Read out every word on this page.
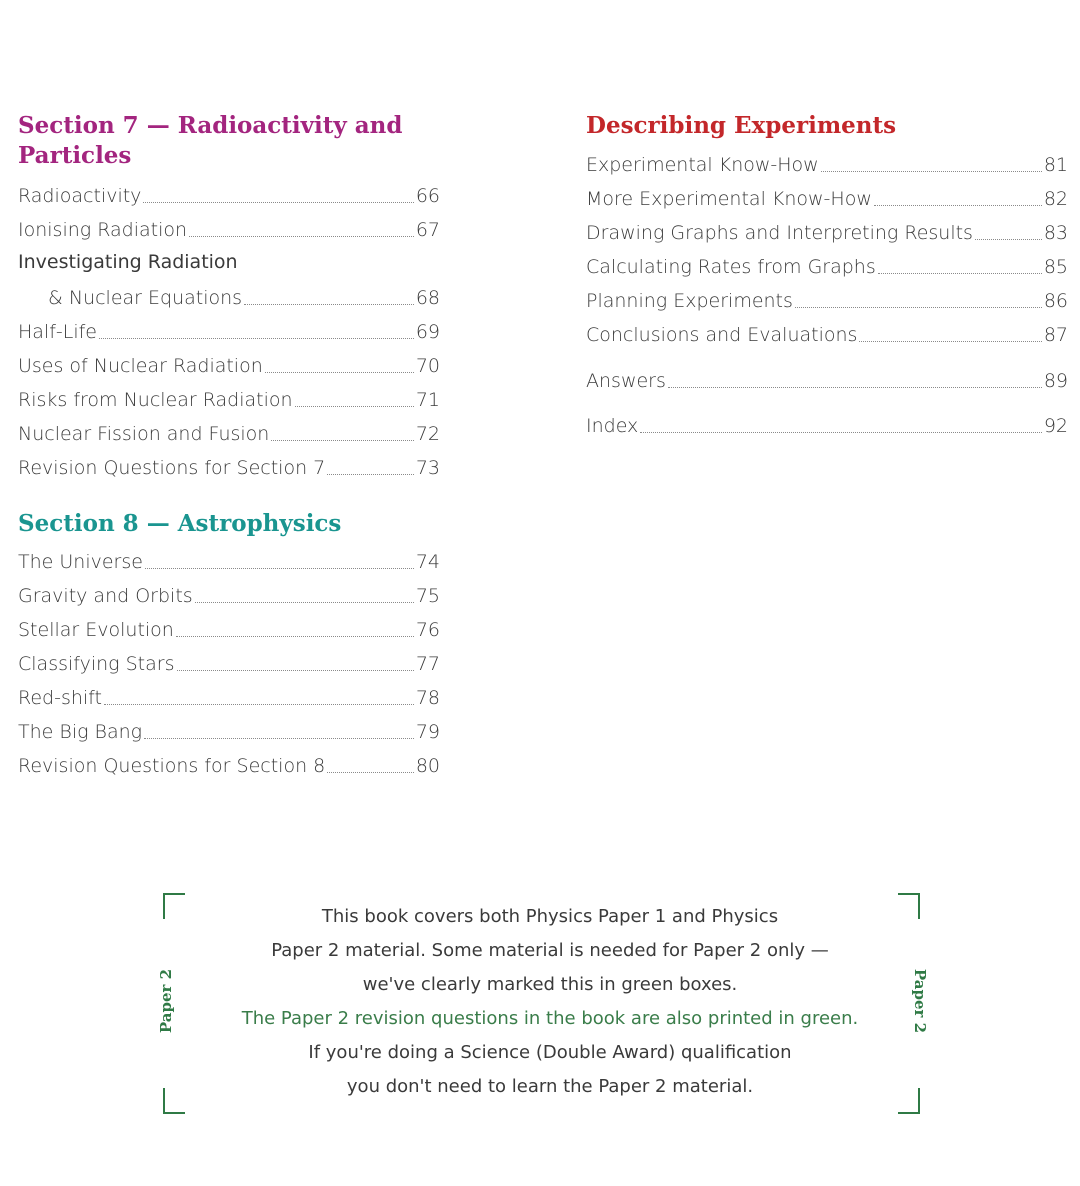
Section 7 — Radioactivity and
Particles
Radioactivity	66
Ionising Radiation	67
Investigating Radiation
& Nuclear Equations	68
Half-Life	69
Uses of Nuclear Radiation	70
Risks from Nuclear Radiation	71
Nuclear Fission and Fusion	72
Revision Questions for Section 7	73
Section 8 — Astrophysics
The Universe	74
Gravity and Orbits	75
Stellar Evolution	76
Classifying Stars	77
Red-shift	78
The Big Bang	79
Revision Questions for Section 8	80
Describing Experiments
Experimental Know-How	81
More Experimental Know-How	82
Drawing Graphs and Interpreting Results	83
Calculating Rates from Graphs	85
Planning Experiments	86
Conclusions and Evaluations	87
Answers	89
Index	92
Paper 2	Paper 2
This book covers both Physics Paper 1 and Physics
Paper 2 material. Some material is needed for Paper 2 only —
we've clearly marked this in green boxes.
The Paper 2 revision questions in the book are also printed in green.
If you're doing a Science (Double Award) qualification
you don't need to learn the Paper 2 material.
